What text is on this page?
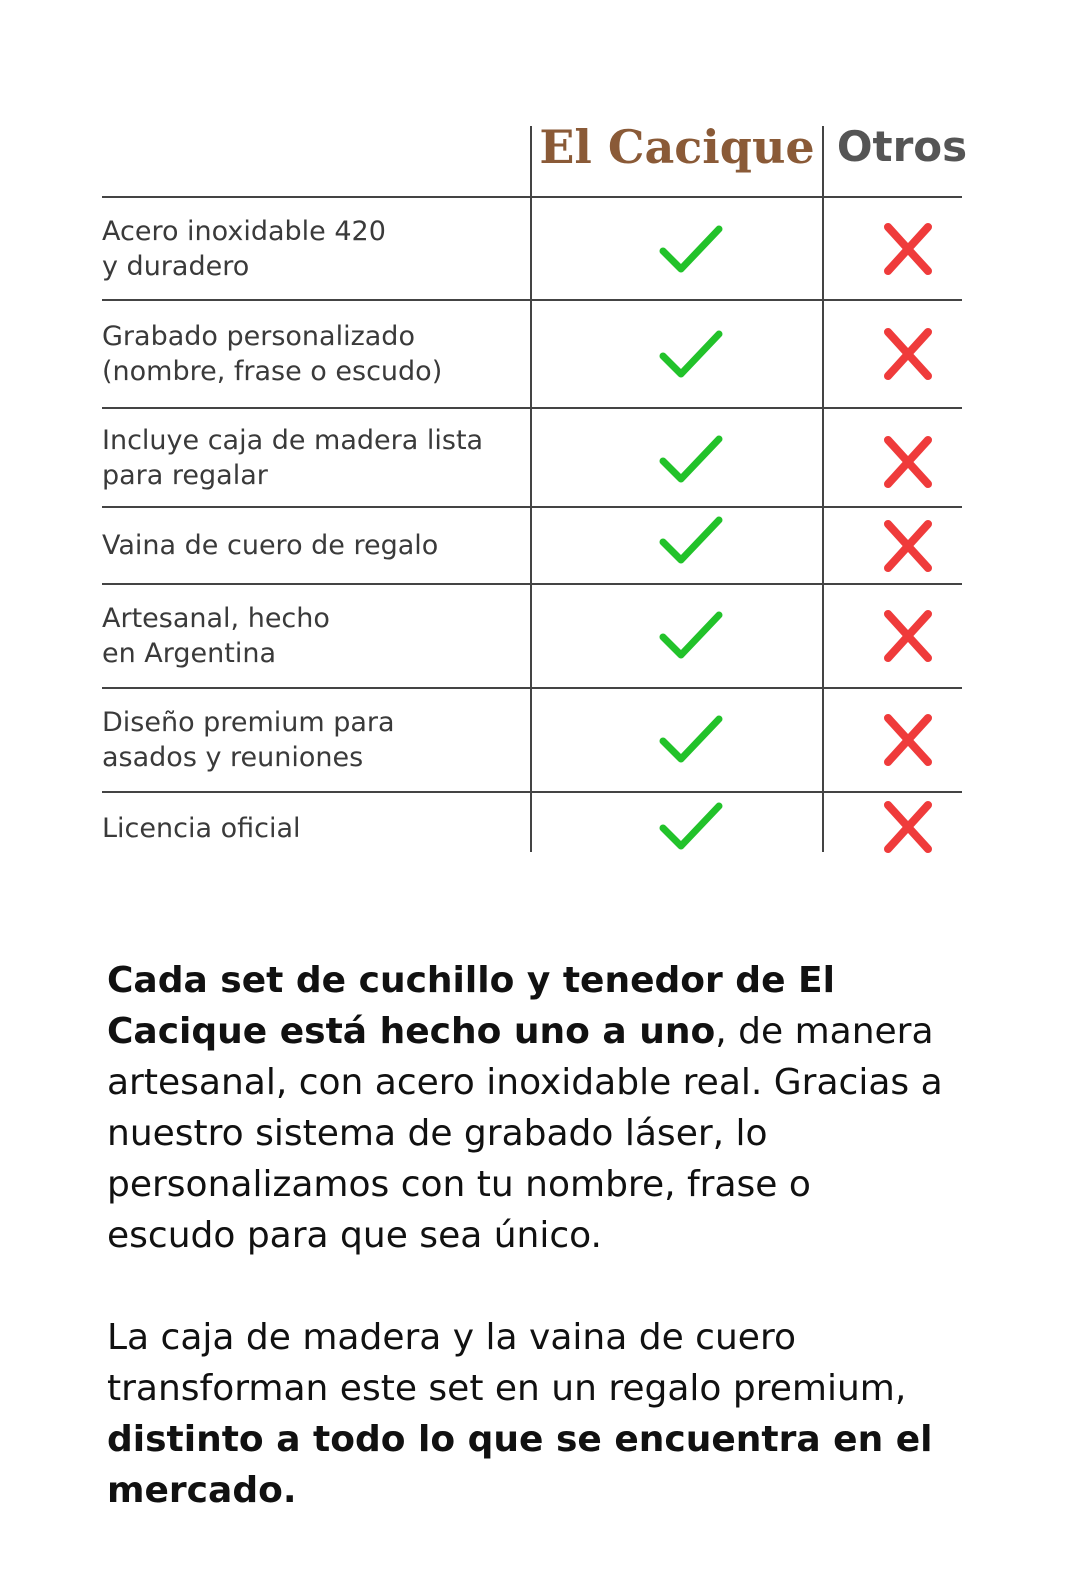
El Cacique Otros
Acero inoxidable 420
y duradero
Grabado personalizado
(nombre, frase o escudo)
Incluye caja de madera lista
para regalar
Vaina de cuero de regalo
Artesanal, hecho
en Argentina
Diseño premium para
asados y reuniones
Licencia oficial

Cada set de cuchillo y tenedor de El Cacique está hecho uno a uno, de manera artesanal, con acero inoxidable real. Gracias a nuestro sistema de grabado láser, lo personalizamos con tu nombre, frase o escudo para que sea único.

La caja de madera y la vaina de cuero transforman este set en un regalo premium, distinto a todo lo que se encuentra en el mercado.
